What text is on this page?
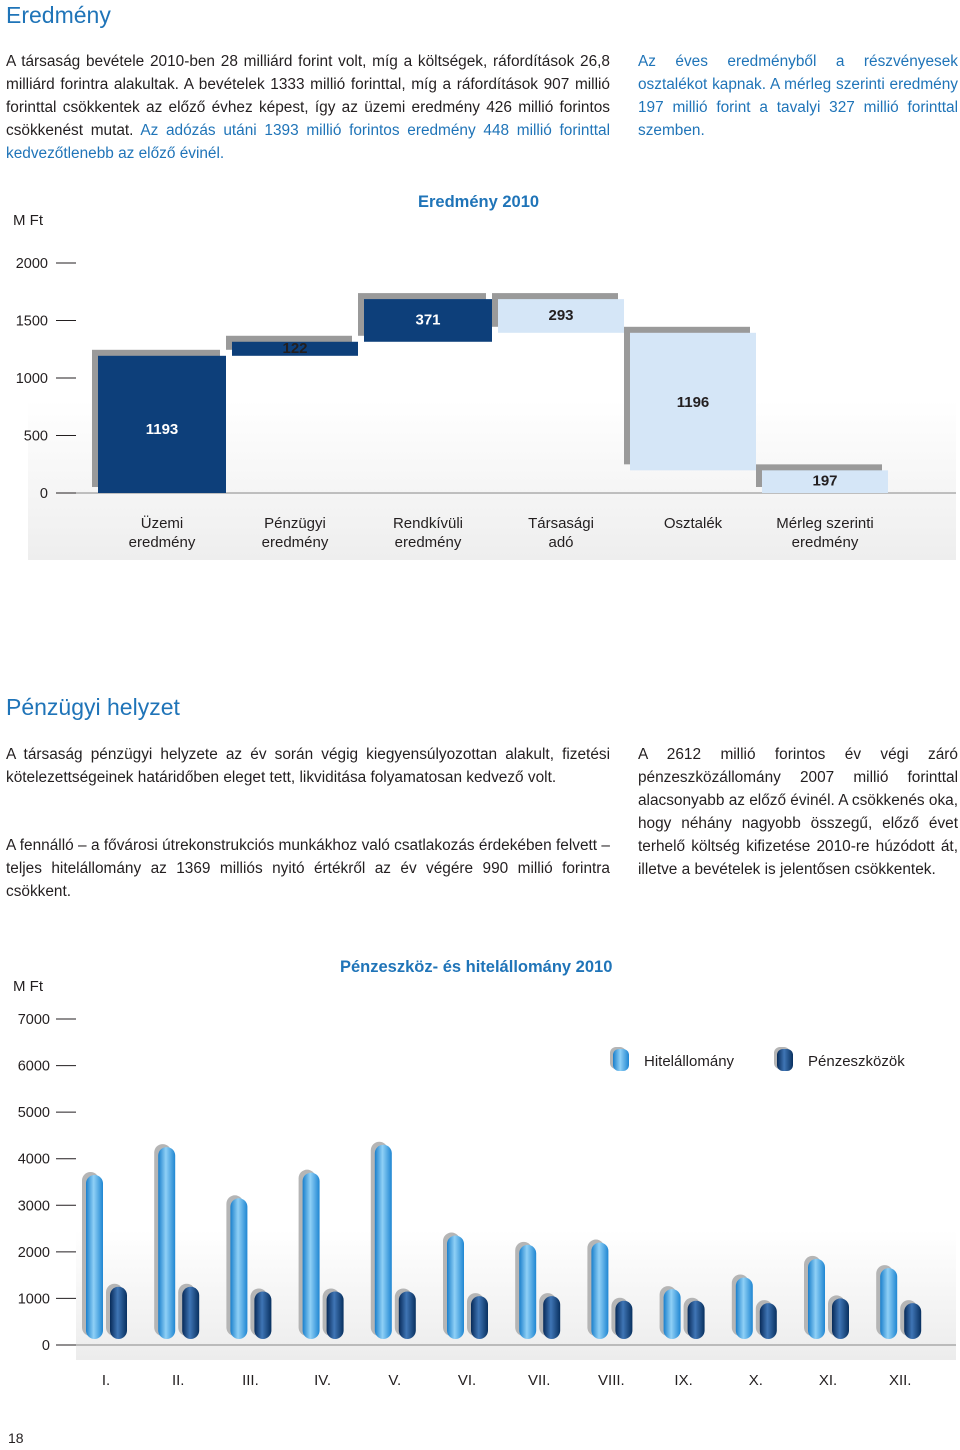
Eredmény

A társaság bevétele 2010-ben 28 milliárd forint volt, míg a költségek, ráfordítások 26,8 milliárd forintra alakultak. A bevételek 1333 millió forinttal, míg a ráfordítások 907 millió forinttal csökkentek az előző évhez képest, így az üzemi eredmény 426 millió forintos csökkenést mutat. Az adózás utáni 1393 millió forintos eredmény 448 millió forinttal kedvezőtlenebb az előző évinél.

Az éves eredményből a részvényesek osztalékot kapnak. A mérleg szerinti eredmény 197 millió forint a tavalyi 327 millió forinttal szemben.

M Ft
Eredmény 2010
0
500
1000
1500
2000
1193
122
371	293
1196
197
Üzemi
eredmény
Pénzügyi
eredmény
Rendkívüli
eredmény
Társasági
adó
Osztalék	Mérleg szerinti
eredmény
Pénzügyi helyzet

A társaság pénzügyi helyzete az év során végig kiegyensúlyozottan alakult, fizetési kötelezettségeinek határidőben eleget tett, likviditása folyamatosan kedvező volt.

A fennálló – a fővárosi útrekonstrukciós munkákhoz való csatlakozás érdekében felvett – teljes hitelállomány az 1369 milliós nyitó értékről az év végére 990 millió forintra csökkent.

A 2612 millió forintos év végi záró pénzeszközállomány 2007 millió forinttal alacsonyabb az előző évinél. A csökkenés oka, hogy néhány nagyobb összegű, előző évet terhelő költség kifizetése 2010-re húzódott át, illetve a bevételek is jelentősen csökkentek.

M Ft
Pénzeszköz- és hitelállomány 2010
0
1000
2000
3000
4000
5000
6000
7000
I.	II.	III.	IV.	V.	VI.	VII.	VIII.	IX.	X.	XI.	XII.
Hitelállomány	Pénzeszközök
18
